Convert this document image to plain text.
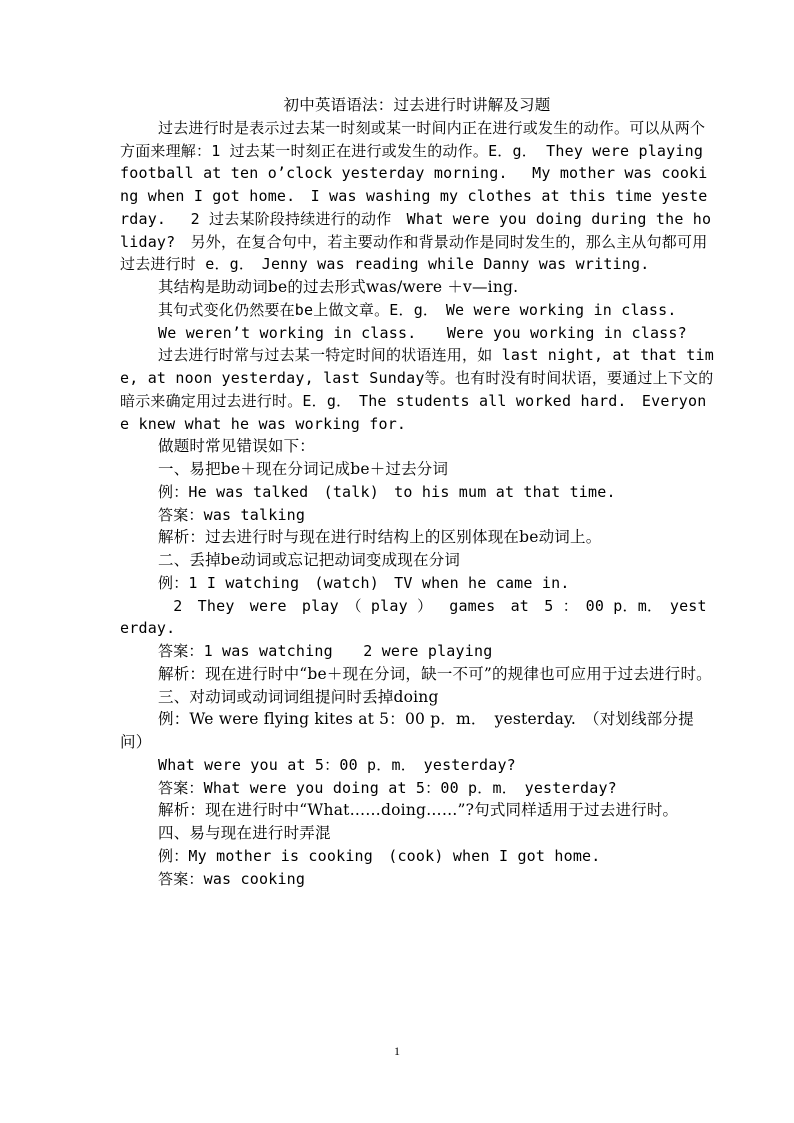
初中英语语法：过去进行时讲解及习题

过去进行时是表示过去某一时刻或某一时间内正在进行或发生的动作。可以从两个方面来理解：1 过去某一时刻正在进行或发生的动作。E．g． They were playing football at ten o’clock yesterday morning.　 My mother was cooking when I got home.　I was washing my clothes at this time yesterday.　 2 过去某阶段持续进行的动作　What were you doing during the holiday?　另外，在复合句中，若主要动作和背景动作是同时发生的，那么主从句都可用过去进行时 e．g．　Jenny was reading while Danny was writing.

其结构是助动词be的过去形式was/were ＋v—ing.

其句式变化仍然要在be上做文章。E．g．　We were working in class.

We weren’t working in class.　　Were you working in class?

过去进行时常与过去某一特定时间的状语连用，如 last night, at that time, at noon yesterday, last Sunday等。也有时没有时间状语，要通过上下文的暗示来确定用过去进行时。E．g．　The students all worked hard.　Everyone knew what he was working for.

做题时常见错误如下：

一、易把be＋现在分词记成be＋过去分词

例：He was talked　(talk)　to his mum at that time.

答案：was talking

解析：过去进行时与现在进行时结构上的区别体现在be动词上。

二、丢掉be动词或忘记把动词变成现在分词

例：1 I watching　(watch)　TV when he came in.

　2　They　were　play　（ play ）　 games　at　5 ：　00 p．m．　yesterday.

答案：1 was watching　　2 were playing

解析：现在进行时中“be＋现在分词，缺一不可”的规律也可应用于过去进行时。

三、对动词或动词词组提问时丢掉doing

例：We were flying kites at 5：00 p．m．　yesterday.　（对划线部分提问）

What were you at 5：00 p．m．　yesterday?

答案：What were you doing at 5：00 p．m．　yesterday?

解析：现在进行时中“What……doing……”?句式同样适用于过去进行时。

四、易与现在进行时弄混

例：My mother is cooking　(cook) when I got home.

答案：was cooking

1
